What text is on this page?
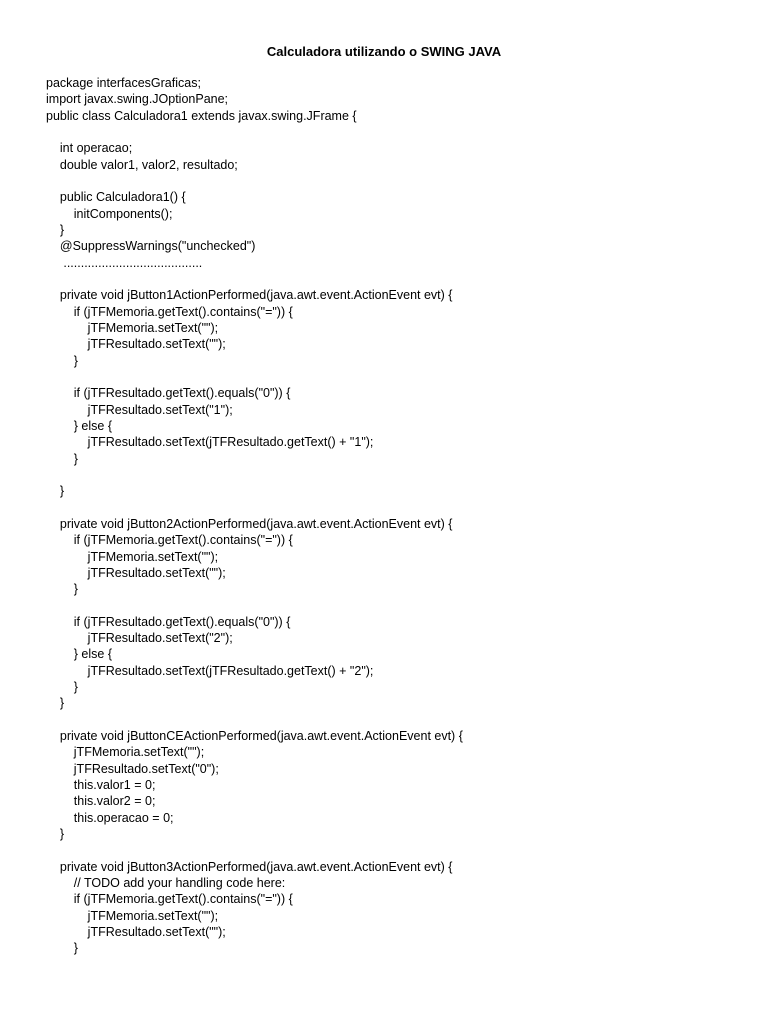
Calculadora utilizando o SWING JAVA
package interfacesGraficas;
import javax.swing.JOptionPane;
public class Calculadora1 extends javax.swing.JFrame {
int operacao;
double valor1, valor2, resultado;
public Calculadora1() {
initComponents();
}
@SuppressWarnings("unchecked")
........................................
private void jButton1ActionPerformed(java.awt.event.ActionEvent evt) {
if (jTFMemoria.getText().contains("=")) {
jTFMemoria.setText("");
jTFResultado.setText("");
}
if (jTFResultado.getText().equals("0")) {
jTFResultado.setText("1");
} else {
jTFResultado.setText(jTFResultado.getText() + "1");
}
}
private void jButton2ActionPerformed(java.awt.event.ActionEvent evt) {
if (jTFMemoria.getText().contains("=")) {
jTFMemoria.setText("");
jTFResultado.setText("");
}
if (jTFResultado.getText().equals("0")) {
jTFResultado.setText("2");
} else {
jTFResultado.setText(jTFResultado.getText() + "2");
}
}
private void jButtonCEActionPerformed(java.awt.event.ActionEvent evt) {
jTFMemoria.setText("");
jTFResultado.setText("0");
this.valor1 = 0;
this.valor2 = 0;
this.operacao = 0;
}
private void jButton3ActionPerformed(java.awt.event.ActionEvent evt) {
// TODO add your handling code here:
if (jTFMemoria.getText().contains("=")) {
jTFMemoria.setText("");
jTFResultado.setText("");
}
